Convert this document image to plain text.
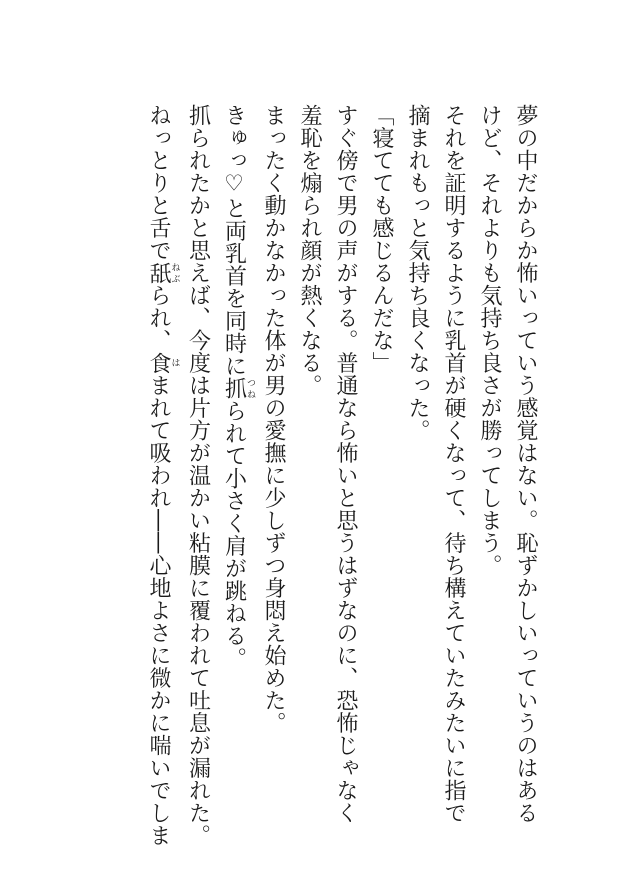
夢の中だからか怖いっていう感覚はない。恥ずかしいっていうのはある
けど、それよりも気持ち良さが勝ってしまう。
それを証明するように乳首が硬くなって、待ち構えていたみたいに指で
摘まれもっと気持ち良くなった。
「寝てても感じるんだな」
すぐ傍で男の声がする。普通なら怖いと思うはずなのに、恐怖じゃなく
羞恥を煽られ顔が熱くなる。
まったく動かなかった体が男の愛撫に少しずつ身悶え始めた。
きゅっ♡と両乳首を同時に抓つねられて小さく肩が跳ねる。
抓られたかと思えば、今度は片方が温かい粘膜に覆われて吐息が漏れた。
ねっとりと舌で舐ねぶられ、食はまれて吸われ――心地よさに微かに喘いでしま
